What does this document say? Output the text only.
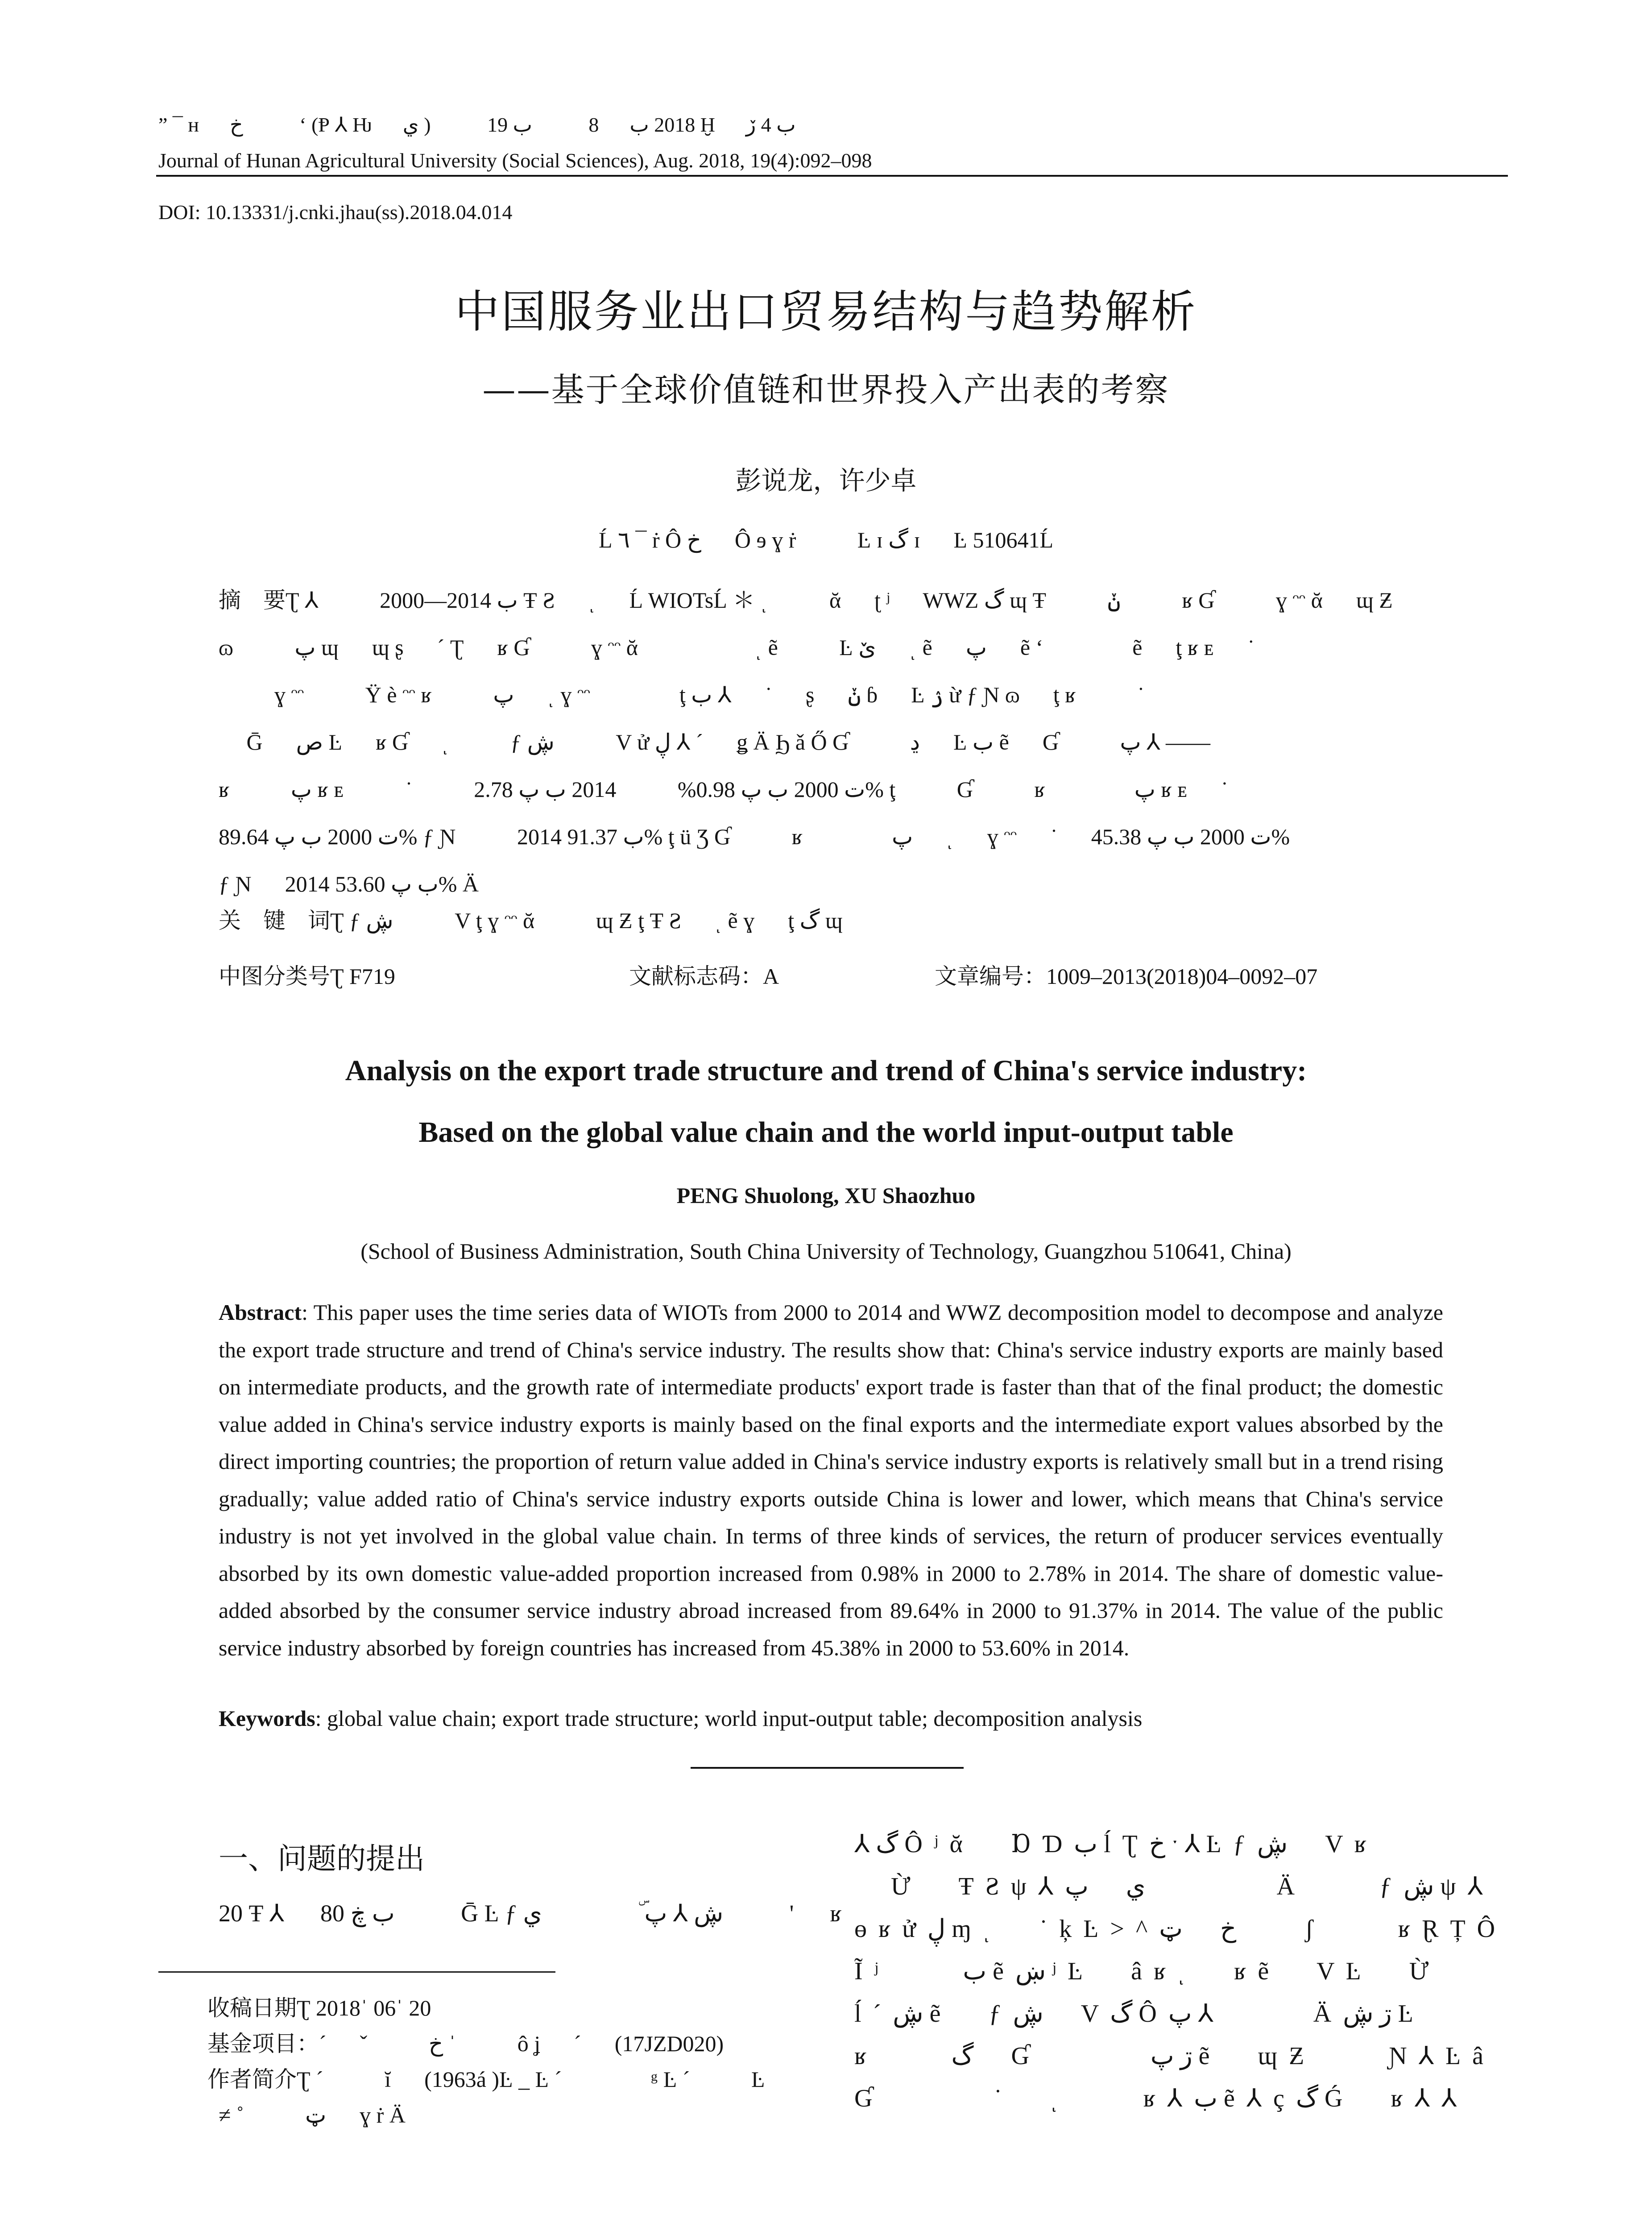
” ¯ ʜ 　 خ 　 　 ʻ (Ᵽ ⅄ Ƕ 　 ي ) 　 　 2018 ب 　 8 　 　 ب 19 Ḫ 　 ب 4 ڒ
Journal of Hunan Agricultural University (Social Sciences), Aug. 2018, 19(4):092–098
DOI: 10.13331/j.cnki.jhau(ss).2018.04.014
中国服务业出口贸易结构与趋势解析
——基于全球价值链和世界投入产出表的考察
彭说龙，许少卓
Ĺ ٦ ¯ ṙ Ô خ 　 Ô ɘ ɣ ṙ 　 　 Ŀ ɪ گ ɪ 　 Ŀ 510641Ĺ
摘　要Ʈ ⅄ 　 　 2000—2014 ب Ŧ Ƨ 　 ͺ 　 Ĺ WIOTsĹ ＊ ͺ 　 　 ᾰ 　 ʈ ʲ 　 WWZ گ ɰ Ŧ 　 　 ݩ 　 　 ʁ Ɠ 　 　 ɣ ᵔᵔ ᾰ 　 ɰ Ƶ
ɷ 　 　 پ ɰ 　 ɰ ʂ 　 ˊ Ʈ 　 ʁ Ɠ 　 　 ɣ ᵔᵔ ᾰ 　 　 　 　 ͺ ẽ 　 　 Ŀ ێ 　 ͺ ẽ 　 پ 　 ẽ ʻ 　 　 　 ẽ 　 ţ ʁ ᴇ 　 ˙
　 　 ɣ ᵔᵔ 　 　 Ÿ è ᵔᵔ ʁ 　 　 پ 　 ͺ ɣ ᵔᵔ 　 　 　 ţ ب ⅄ 　 ˙ 　 ʂ 　 ݩ ɓ 　 Ŀ ۯ ừ ƒ Ɲ ɷ 　 ţ ʁ 　 　 ˙
　 Ḡ 　 ص Ŀ 　 ʁ Ɠ 　 ͺ 　 　 ƒ ڜ 　 　 V ử ڸ ⅄ ˊ 　 ǥ Ä Ϧ ǎ Ő Ɠ 　 　 ڍ 　 Ŀ ب ẽ 　 Ɠ 　 　 پ ⅄ ——
ʁ 　 　 پ ʁ ᴇ 　 　 ˙ 　 　 ت 2000 ب پ 0.98% 　 　 2014 ب پ 2.78% ţ 　 　 Ɠ 　 　 ʁ 　 　 　 پ ʁ ᴇ 　 ˙
ت 2000 ب پ 89.64% ƒ Ɲ 　 　 2014 ب 91.37% ţ ü Ʒ Ɠ 　 　 ʁ 　 　 　 پ 　 ͺ 　 ɣ ᵔᵔ 　 ˙ 　 ت 2000 ب پ 45.38%
ƒ Ɲ 　 2014 ب پ 53.60% Ä
关　键　词Ʈ ƒ ڜ 　 　 V ţ ɣ ᵔᵔ ᾰ 　 　 ɰ Ƶ ţ Ŧ Ƨ 　 ͺ ẽ ɣ 　 ţ گ ɰ
中图分类号Ʈ F719	文献标志码：A	文章编号：1009–2013(2018)04–0092–07
Analysis on the export trade structure and trend of China's service industry:
Based on the global value chain and the world input-output table
PENG Shuolong, XU Shaozhuo
(School of Business Administration, South China University of Technology, Guangzhou 510641, China)
Abstract: This paper uses the time series data of WIOTs from 2000 to 2014 and WWZ decomposition model to decompose and analyze the export trade structure and trend of China's service industry. The results show that: China's service industry exports are mainly based on intermediate products, and the growth rate of intermediate products' export trade is faster than that of the final product; the domestic value added in China's service industry exports is mainly based on the final exports and the intermediate export values absorbed by the direct importing countries; the proportion of return value added in China's service industry exports is relatively small but in a trend rising gradually; value added ratio of China's service industry exports outside China is lower and lower, which means that China's service industry is not yet involved in the global value chain. In terms of three kinds of services, the return of producer services eventually absorbed by its own domestic value-added proportion increased from 0.98% in 2000 to 2.78% in 2014. The share of domestic value-added absorbed by the consumer service industry abroad increased from 89.64% in 2000 to 91.37% in 2014. The value of the public service industry absorbed by foreign countries has increased from 45.38% in 2000 to 53.60% in 2014.
Keywords: global value chain; export trade structure; world input-output table; decomposition analysis
一、问题的提出
20 Ŧ ⅄ 　 80 ب ڿ 　 　 Ḡ Ŀ ƒ ڜ ⅄ پ ۜ 　 　 　 ي 　 　 ' 　 ʁ
收稿日期Ʈ 2018ˈ 06ˈ 20
基金项目：ˊ 　 ˇ 　 　 خ ˈ 　 　 ô ʝ 　 ˊ 　 (17JZD020)
作者简介Ʈ ˊ 　 　 ĭ 　 (1963á )Ŀ _ Ŀ ˊ 　 　 　 ᵍ Ŀ ˊ 　 　 Ŀ
≠ ˚ 　 　 ټ 　 ɣ ṙ Ä
⅄ گ Ô ʲ ᾰ 　 Ɒ Ɗ ب ĺ Ʈ خ ˑ ⅄ Ŀ ƒ ڜ 　 V ʁ
　 Ừ 　 Ŧ Ƨ ψ ⅄ ي 　 پ 　 　 　 　 Ä 　 　 ƒ ڜ ψ ⅄
ɵ ʁ ử ڸ ɱ ͺ 　 ˙ ķ Ŀ > ^ خ 　 ټ 　 　 ʃ 　 　 ʁ Ɽ Ț Ô
Ĩ ʲ 　 　 ب ẽ ښ ʲ Ŀ 　 â ʁ ͺ 　 ʁ ẽ 　 V Ŀ 　 Ừ
ĺ ˊ ڜ ẽ 　 ƒ ڜ 　 V گ Ô پ ⅄ 　 　 　 Ä ڗ ڜ Ŀ
ʁ 　 　 گ 　 Ɠ 　 　 　 ڗ پ ẽ 　 ɰ Ƶ 　 　 Ɲ ⅄ Ŀ â
Ɠ 　 　 　 ˙ 　 ͺ 　 　 ʁ ⅄ ب ẽ ⅄ ç گ Ǵ 　 ʁ ⅄ ⅄
